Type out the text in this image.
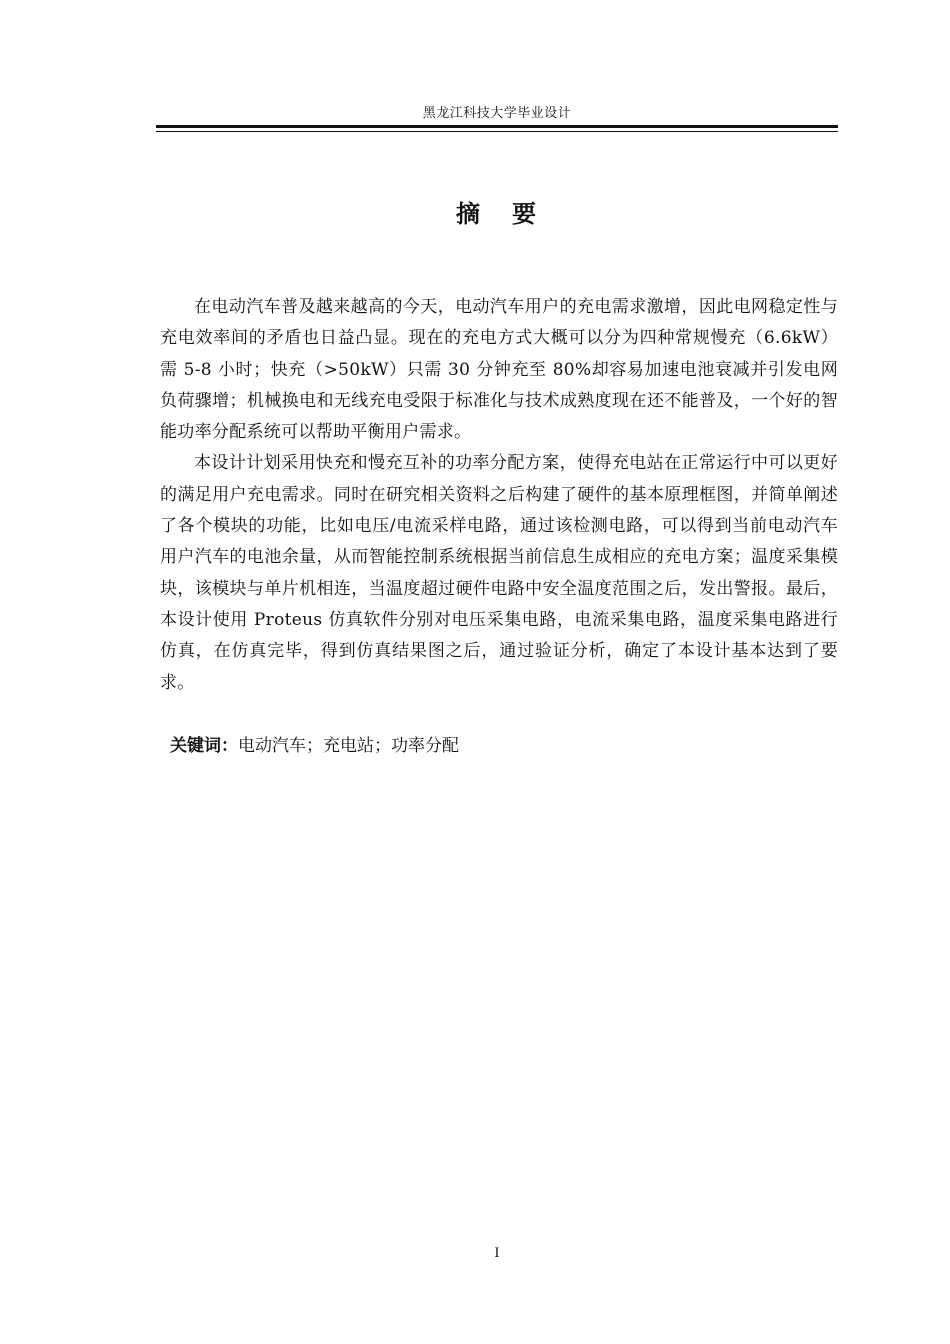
黑龙江科技大学毕业设计
摘 要

在电动汽车普及越来越高的今天，电动汽车用户的充电需求激增，因此电网稳定性与充电效率间的矛盾也日益凸显。现在的充电方式大概可以分为四种常规慢充（6.6kW）需 5-8 小时；快充（>50kW）只需 30 分钟充至 80%却容易加速电池衰减并引发电网负荷骤增；机械换电和无线充电受限于标准化与技术成熟度现在还不能普及，一个好的智能功率分配系统可以帮助平衡用户需求。

本设计计划采用快充和慢充互补的功率分配方案，使得充电站在正常运行中可以更好的满足用户充电需求。同时在研究相关资料之后构建了硬件的基本原理框图，并简单阐述了各个模块的功能，比如电压/电流采样电路，通过该检测电路，可以得到当前电动汽车用户汽车的电池余量，从而智能控制系统根据当前信息生成相应的充电方案；温度采集模块，该模块与单片机相连，当温度超过硬件电路中安全温度范围之后，发出警报。最后，本设计使用 Proteus 仿真软件分别对电压采集电路，电流采集电路，温度采集电路进行仿真，在仿真完毕，得到仿真结果图之后，通过验证分析，确定了本设计基本达到了要求。

关键词：电动汽车；充电站；功率分配
I
